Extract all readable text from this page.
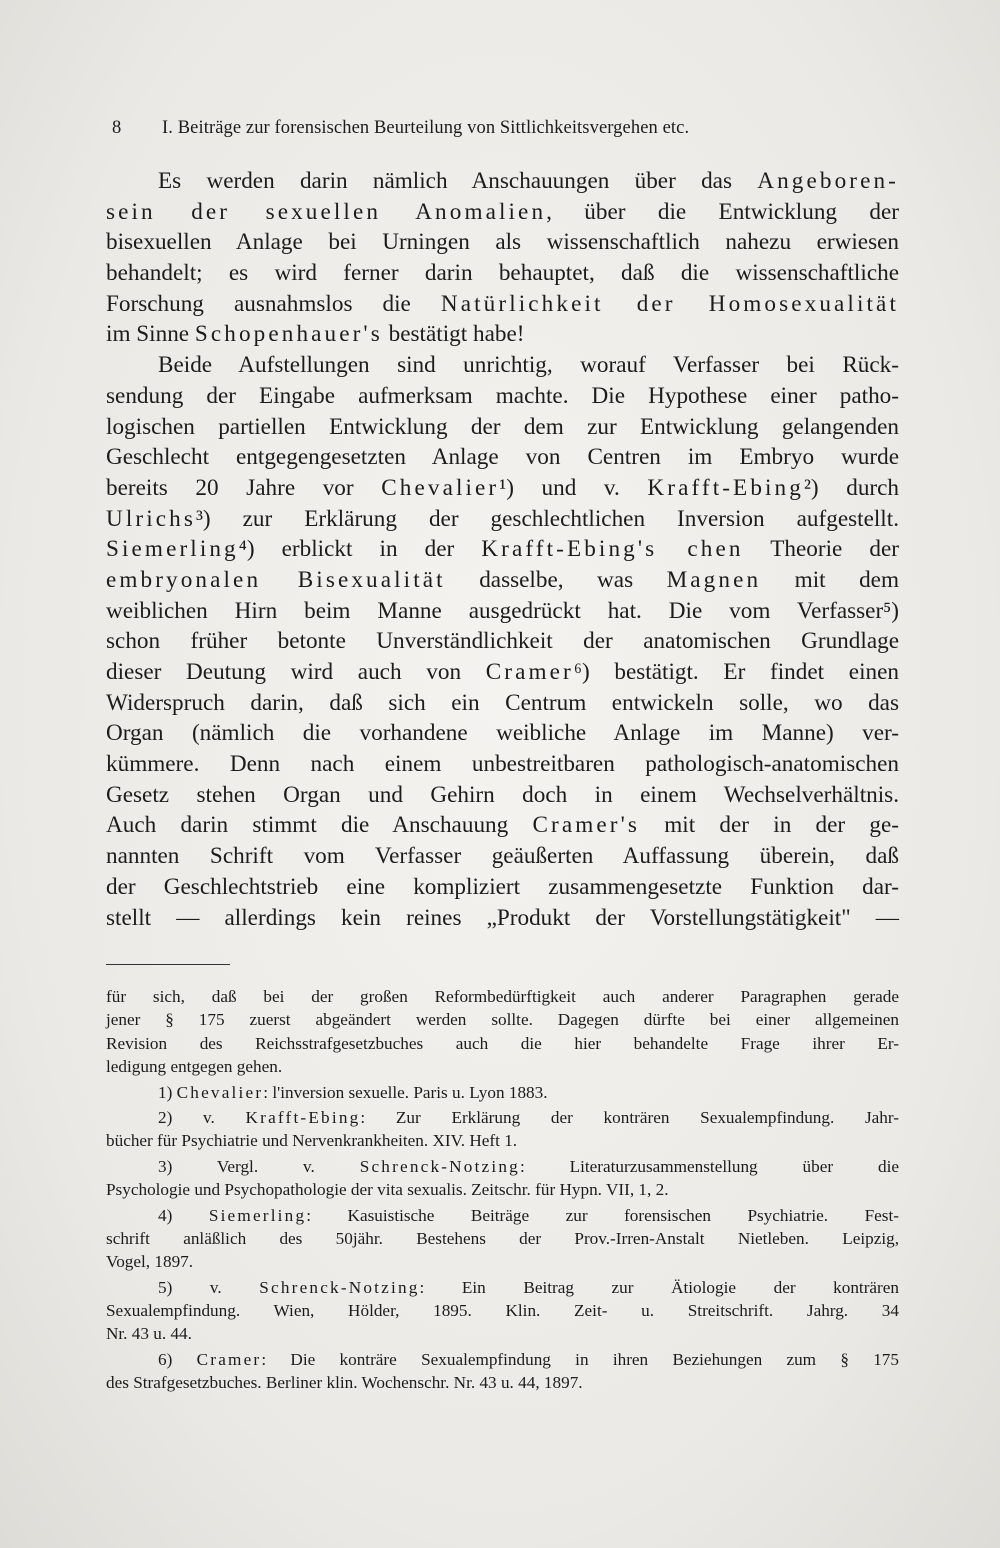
8 I. Beiträge zur forensischen Beurteilung von Sittlichkeitsvergehen etc.
Es werden darin nämlich Anschauungen über das Angeboren-
sein der sexuellen Anomalien, über die Entwicklung der
bisexuellen Anlage bei Urningen als wissenschaftlich nahezu erwiesen
behandelt; es wird ferner darin behauptet, daß die wissenschaftliche
Forschung ausnahmslos die Natürlichkeit der Homosexualität
im Sinne Schopenhauer's bestätigt habe!
Beide Aufstellungen sind unrichtig, worauf Verfasser bei Rück-
sendung der Eingabe aufmerksam machte. Die Hypothese einer patho-
logischen partiellen Entwicklung der dem zur Entwicklung gelangenden
Geschlecht entgegengesetzten Anlage von Centren im Embryo wurde
bereits 20 Jahre vor Chevalier¹) und v. Krafft-Ebing²) durch
Ulrichs³) zur Erklärung der geschlechtlichen Inversion aufgestellt.
Siemerling⁴) erblickt in der Krafft-Ebing's chen Theorie der
embryonalen Bisexualität dasselbe, was Magnen mit dem
weiblichen Hirn beim Manne ausgedrückt hat. Die vom Verfasser⁵)
schon früher betonte Unverständlichkeit der anatomischen Grundlage
dieser Deutung wird auch von Cramer⁶) bestätigt. Er findet einen
Widerspruch darin, daß sich ein Centrum entwickeln solle, wo das
Organ (nämlich die vorhandene weibliche Anlage im Manne) ver-
kümmere. Denn nach einem unbestreitbaren pathologisch-anatomischen
Gesetz stehen Organ und Gehirn doch in einem Wechselverhältnis.
Auch darin stimmt die Anschauung Cramer's mit der in der ge-
nannten Schrift vom Verfasser geäußerten Auffassung überein, daß
der Geschlechtstrieb eine kompliziert zusammengesetzte Funktion dar-
stellt — allerdings kein reines „Produkt der Vorstellungstätigkeit" —
für sich, daß bei der großen Reformbedürftigkeit auch anderer Paragraphen gerade
jener § 175 zuerst abgeändert werden sollte. Dagegen dürfte bei einer allgemeinen
Revision des Reichsstrafgesetzbuches auch die hier behandelte Frage ihrer Er-
ledigung entgegen gehen.
1) Chevalier: l'inversion sexuelle. Paris u. Lyon 1883.
2) v. Krafft-Ebing: Zur Erklärung der konträren Sexualempfindung. Jahr-
bücher für Psychiatrie und Nervenkrankheiten. XIV. Heft 1.
3) Vergl. v. Schrenck-Notzing: Literaturzusammenstellung über die
Psychologie und Psychopathologie der vita sexualis. Zeitschr. für Hypn. VII, 1, 2.
4) Siemerling: Kasuistische Beiträge zur forensischen Psychiatrie. Fest-
schrift anläßlich des 50jähr. Bestehens der Prov.-Irren-Anstalt Nietleben. Leipzig,
Vogel, 1897.
5) v. Schrenck-Notzing: Ein Beitrag zur Ätiologie der konträren
Sexualempfindung. Wien, Hölder, 1895. Klin. Zeit- u. Streitschrift. Jahrg. 34
Nr. 43 u. 44.
6) Cramer: Die konträre Sexualempfindung in ihren Beziehungen zum § 175
des Strafgesetzbuches. Berliner klin. Wochenschr. Nr. 43 u. 44, 1897.
